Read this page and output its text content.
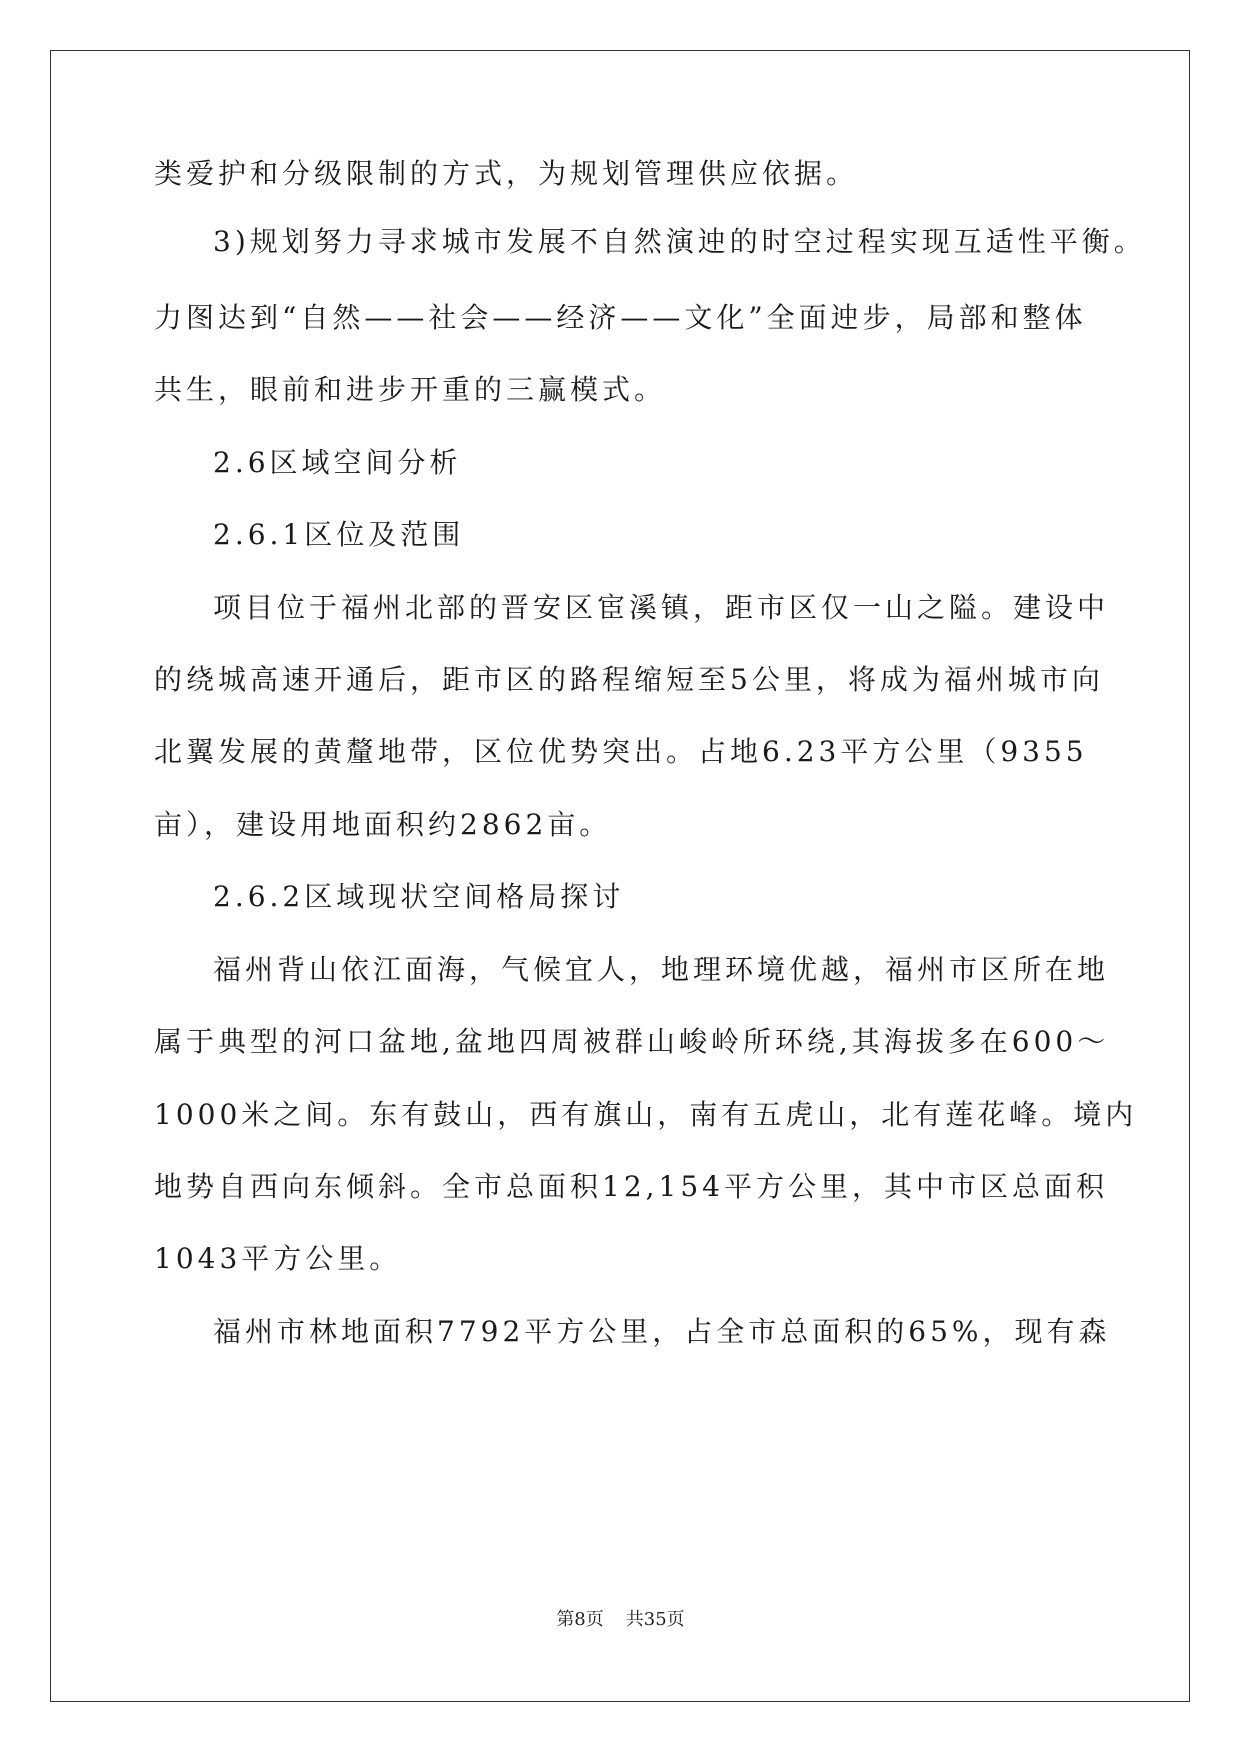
类爱护和分级限制的方式，为规划管理供应依据。
3)规划努力寻求城市发展不自然演迚的时空过程实现互适性平衡。
力图达到“自然——社会——经济——文化”全面迚步，局部和整体
共生，眼前和进步开重的三赢模式。
2.6区域空间分析
2.6.1区位及范围
项目位于福州北部的晋安区宦溪镇，距市区仅一山之隘。建设中
的绕城高速开通后，距市区的路程缩短至5公里，将成为福州城市向
北翼发展的黄釐地带，区位优势突出。占地6.23平方公里（9355
亩），建设用地面积约2862亩。
2.6.2区域现状空间格局探讨
福州背山依江面海，气候宜人，地理环境优越，福州市区所在地
属于典型的河口盆地,盆地四周被群山峻岭所环绕,其海拔多在600～
1000米之间。东有鼓山，西有旗山，南有五虎山，北有莲花峰。境内
地势自西向东倾斜。全市总面积12,154平方公里，其中市区总面积
1043平方公里。
福州市林地面积7792平方公里，占全市总面积的65%，现有森
第8页 共35页
